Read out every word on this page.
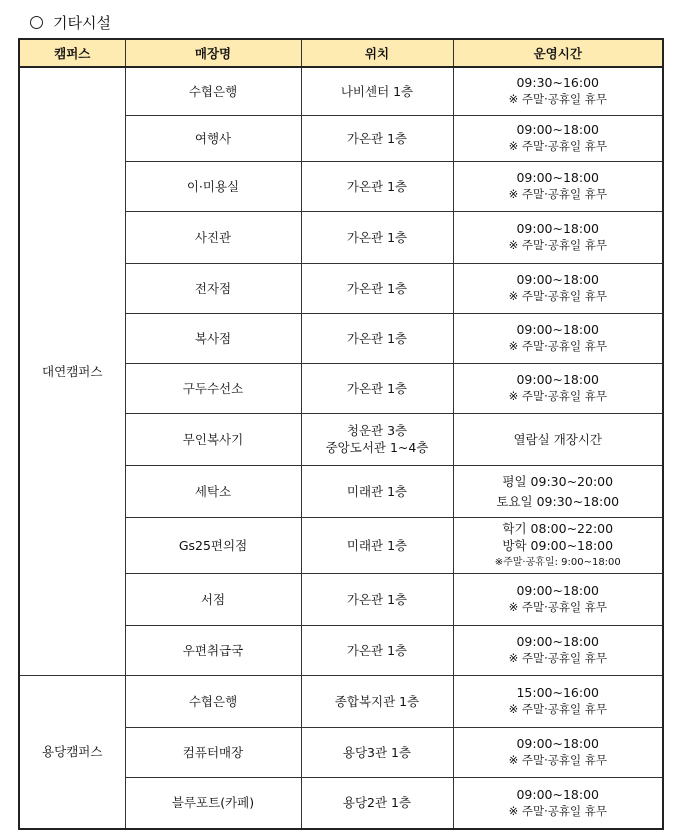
기타시설
캠퍼스	매장명	위치	운영시간
대연캠퍼스	수협은행	나비센터 1층	09:30~16:00
※ 주말·공휴일 휴무

	여행사	가온관 1층	09:00~18:00
※ 주말·공휴일 휴무

	이·미용실	가온관 1층	09:00~18:00
※ 주말·공휴일 휴무

	사진관	가온관 1층	09:00~18:00
※ 주말·공휴일 휴무

	전자점	가온관 1층	09:00~18:00
※ 주말·공휴일 휴무

	복사점	가온관 1층	09:00~18:00
※ 주말·공휴일 휴무

	구두수선소	가온관 1층	09:00~18:00
※ 주말·공휴일 휴무

	무인복사기	청운관 3층
중앙도서관 1~4층	열람실 개장시간

	세탁소	미래관 1층	평일 09:30~20:00
토요일 09:30~18:00

	Gs25편의점	미래관 1층	학기 08:00~22:00
방학 09:00~18:00
※주말·공휴일: 9:00~18:00

	서점	가온관 1층	09:00~18:00
※ 주말·공휴일 휴무

	우편취급국	가온관 1층	09:00~18:00
※ 주말·공휴일 휴무

용당캠퍼스	수협은행	종합복지관 1층	15:00~16:00
※ 주말·공휴일 휴무

	컴퓨터매장	용당3관 1층	09:00~18:00
※ 주말·공휴일 휴무

	블루포트(카페)	용당2관 1층	09:00~18:00
※ 주말·공휴일 휴무
